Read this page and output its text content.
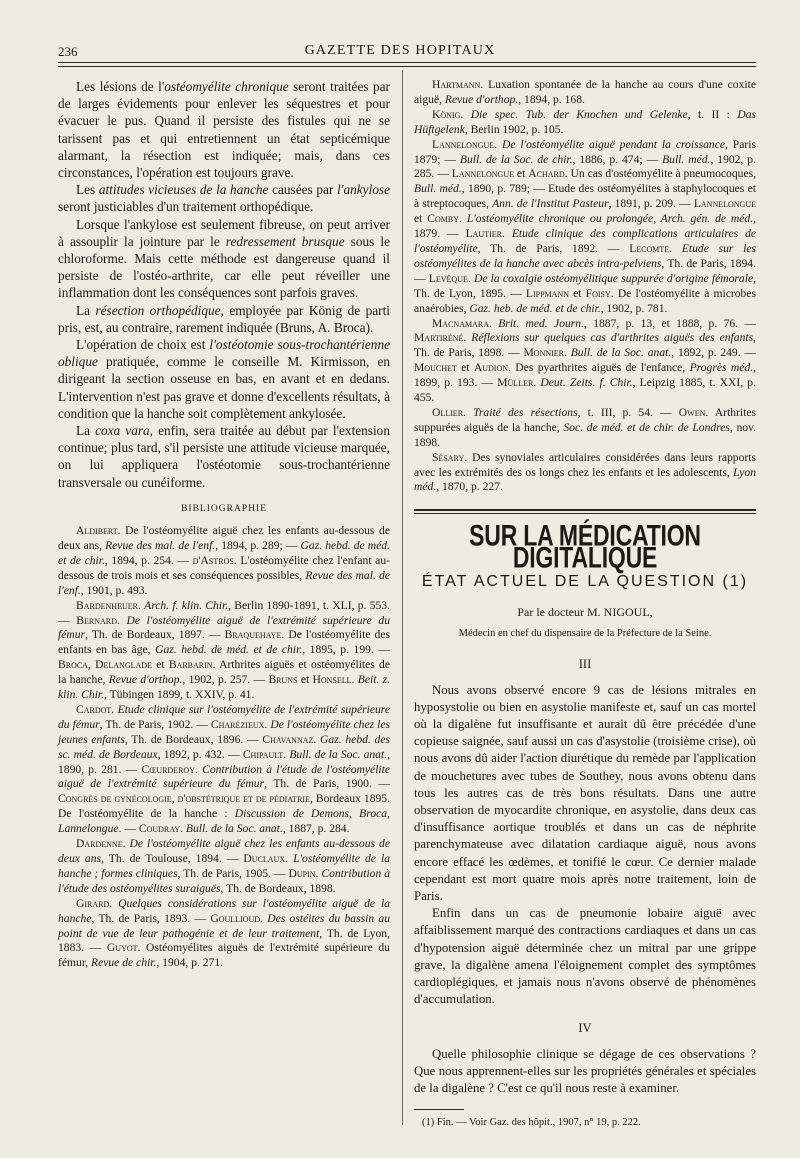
236	GAZETTE DES HOPITAUX

Les lésions de l'ostéomyélite chronique seront traitées par de larges évidements pour enlever les séquestres et pour évacuer le pus. Quand il persiste des fistules qui ne se tarissent pas et qui entretiennent un état septicémique alarmant, la résection est indiquée; mais, dans ces circonstances, l'opération est toujours grave.

Les attitudes vicieuses de la hanche causées par l'ankylose seront justiciables d'un traitement orthopédique.

Lorsque l'ankylose est seulement fibreuse, on peut arriver à assouplir la jointure par le redressement brusque sous le chloroforme. Mais cette méthode est dangereuse quand il persiste de l'ostéo-arthrite, car elle peut réveiller une inflammation dont les conséquences sont parfois graves.

La résection orthopédique, employée par König de parti pris, est, au contraire, rarement indiquée (Bruns, A. Broca).

L'opération de choix est l'ostéotomie sous-trochantérienne oblique pratiquée, comme le conseille M. Kirmisson, en dirigeant la section osseuse en bas, en avant et en dedans. L'intervention n'est pas grave et donne d'excellents résultats, à condition que la hanche soit complètement ankylosée.

La coxa vara, enfin, sera traitée au début par l'extension continue; plus tard, s'il persiste une attitude vicieuse marquée, on lui appliquera l'ostéotomie sous-trochantérienne transversale ou cunéiforme.

BIBLIOGRAPHIE

Aldibert. De l'ostéomyélite aiguë chez les enfants au-dessous de deux ans, Revue des mal. de l'enf., 1894, p. 289; — Gaz. hebd. de méd. et de chir., 1894, p. 254. — d'Astros. L'ostéomyélite chez l'enfant au-dessous de trois mois et ses conséquences possibles, Revue des mal. de l'enf., 1901, p. 493.

Bardenheuer. Arch. f. klin. Chir., Berlin 1890-1891, t. XLI, p. 553. — Bernard. De l'ostéomyélite aiguë de l'extrémité supérieure du fémur, Th. de Bordeaux, 1897. — Braquehaye. De l'ostéomyélite des enfants en bas âge, Gaz. hebd. de méd. et de chir., 1895, p. 199. — Broca, Delanglade et Barbarin. Arthrites aiguës et ostéomyélites de la hanche, Revue d'orthop., 1902, p. 257. — Bruns et Honsell. Beit. z. klin. Chir., Tübingen 1899, t. XXIV, p. 41.

Cardot. Etude clinique sur l'ostéomyélite de l'extrémité supérieure du fémur, Th. de Paris, 1902. — Charézieux. De l'ostéomyélite chez les jeunes enfants, Th. de Bordeaux, 1896. — Chavannaz. Gaz. hebd. des sc. méd. de Bordeaux, 1892, p. 432. — Chipault. Bull. de la Soc. anat., 1890, p. 281. — Cœurderoy. Contribution à l'étude de l'ostéomyélite aiguë de l'extrémité supérieure du fémur, Th. de Paris, 1900. — Congrès de gynécologie, d'obstétrique et de pédiatrie, Bordeaux 1895. De l'ostéomyélite de la hanche : Discussion de Demons, Broca, Lannelongue. — Coudray. Bull. de la Soc. anat., 1887, p. 284.

Dardenne. De l'ostéomyélite aiguë chez les enfants au-dessous de deux ans, Th. de Toulouse, 1894. — Duclaux. L'ostéomyélite de la hanche ; formes cliniques, Th. de Paris, 1905. — Dupin. Contribution à l'étude des ostéomyélites suraiguës, Th. de Bordeaux, 1898.

Girard. Quelques considérations sur l'ostéomyélite aiguë de la hanche, Th. de Paris, 1893. — Goullioud. Des ostéites du bassin au point de vue de leur pathogénie et de leur traitement, Th. de Lyon, 1883. — Guyot. Ostéomyélites aiguës de l'extrémité supérieure du fémur, Revue de chir., 1904, p. 271.

Hartmann. Luxation spontanée de la hanche au cours d'une coxite aiguë, Revue d'orthop., 1894, p. 168.

König. Die spec. Tub. der Knochen und Gelenke, t. II : Das Hüftgelenk, Berlin 1902, p. 105.

Lannelongue. De l'ostéomyélite aiguë pendant la croissance, Paris 1879; — Bull. de la Soc. de chir., 1886, p. 474; — Bull. méd., 1902, p. 285. — Lannelongue et Achard. Un cas d'ostéomyélite à pneumocoques, Bull. méd., 1890, p. 789; — Etude des ostéomyélites à staphylocoques et à streptocoques, Ann. de l'Institut Pasteur, 1891, p. 209. — Lannelongue et Comby. L'ostéomyélite chronique ou prolongée, Arch. gén. de méd., 1879. — Lautier. Etude clinique des complications articulaires de l'ostéomyélite, Th. de Paris, 1892. — Lecomte. Etude sur les ostéomyélites de la hanche avec abcès intra-pelviens, Th. de Paris, 1894. — Levêque. De la coxalgie ostéomyélitique suppurée d'origine fémorale, Th. de Lyon, 1895. — Lippmann et Foisy. De l'ostéomyélite à microbes anaérobies, Gaz. heb. de méd. et de chir., 1902, p. 781.

Macnamara. Brit. med. Journ., 1887, p. 13, et 1888, p. 76. — Martiréné. Réflexions sur quelques cas d'arthrites aiguës des enfants, Th. de Paris, 1898. — Monnier. Bull. de la Soc. anat., 1892, p. 249. — Mouchet et Audion. Des pyarthrites aiguës de l'enfance, Progrès méd., 1899, p. 193. — Müller. Deut. Zeits. f. Chir., Leipzig 1885, t. XXI, p. 455.

Ollier. Traité des résections, t. III, p. 54. — Owen. Arthrites suppurées aiguës de la hanche, Soc. de méd. et de chir. de Londres, nov. 1898.

Sésary. Des synoviales articulaires considérées dans leurs rapports avec les extrémités des os longs chez les enfants et les adolescents, Lyon méd., 1870, p. 227.

SUR LA MÉDICATION DIGITALIQUE
ÉTAT ACTUEL DE LA QUESTION (1)
Par le docteur M. NIGOUL,
Médecin en chef du dispensaire de la Préfecture de la Seine.
III

Nous avons observé encore 9 cas de lésions mitrales en hyposystolie ou bien en asystolie manifeste et, sauf un cas mortel où la digalène fut insuffisante et aurait dû être précédée d'une copieuse saignée, sauf aussi un cas d'asystolie (troisième crise), où nous avons dû aider l'action diurétique du remède par l'application de mouchetures avec tubes de Southey, nous avons obtenu dans tous les autres cas de très bons résultats. Dans une autre observation de myocardite chronique, en asystolie, dans deux cas d'insuffisance aortique troublés et dans un cas de néphrite parenchymateuse avec dilatation cardiaque aiguë, nous avons encore effacé les œdèmes, et tonifié le cœur. Ce dernier malade cependant est mort quatre mois après notre traitement, loin de Paris.

Enfin dans un cas de pneumonie lobaire aiguë avec affaiblissement marqué des contractions cardiaques et dans un cas d'hypotension aiguë déterminée chez un mitral par une grippe grave, la digalène amena l'éloignement complet des symptômes cardioplégiques, et jamais nous n'avons observé de phénomènes d'accumulation.

IV

Quelle philosophie clinique se dégage de ces observations ? Que nous apprennent-elles sur les propriétés générales et spéciales de la digalène ? C'est ce qu'il nous reste à examiner.

(1) Fin. — Voir Gaz. des hôpit., 1907, n° 19, p. 222.
